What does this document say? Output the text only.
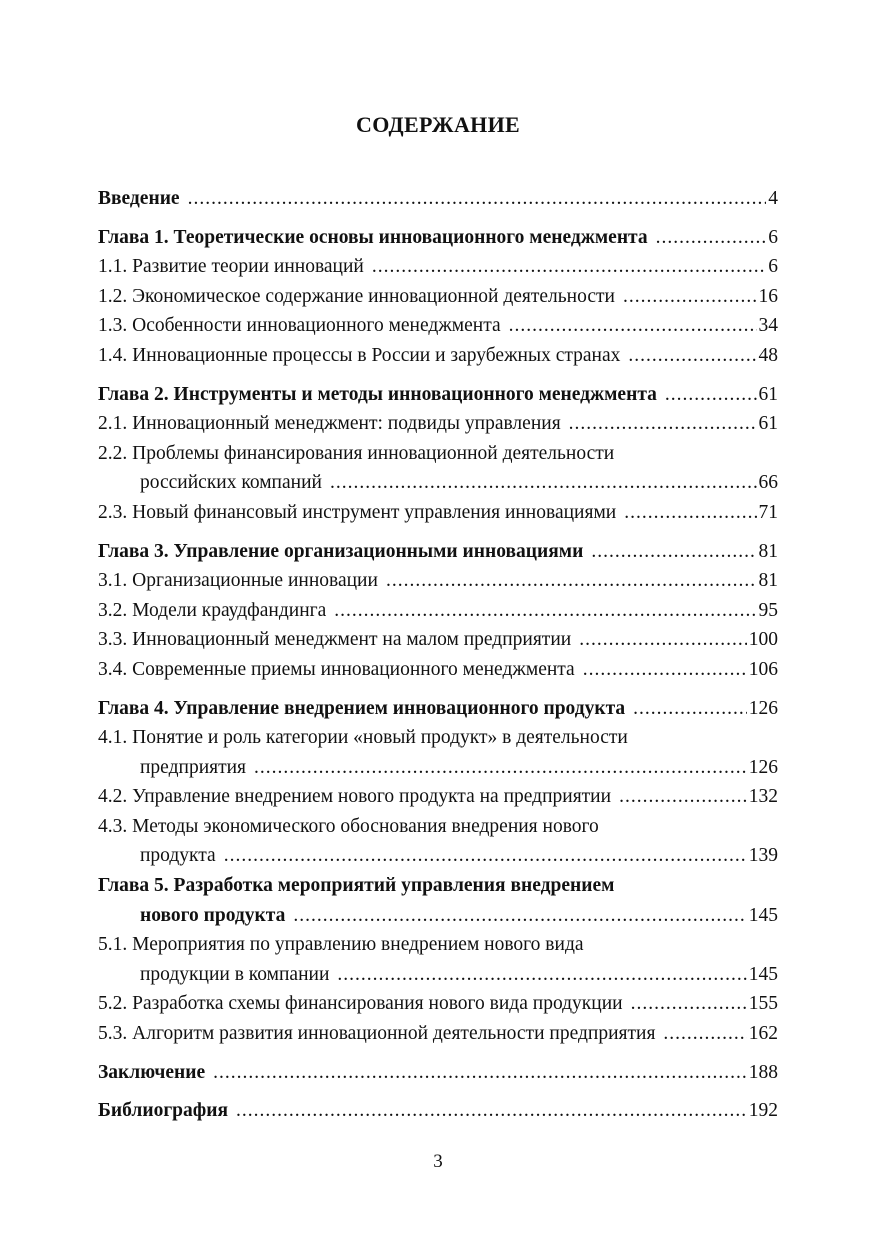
СОДЕРЖАНИЕ
Введение .....	4
Глава 1. Теоретические основы инновационного менеджмента .....	6
1.1. Развитие теории инноваций .....	6
1.2. Экономическое содержание инновационной деятельности .....	16
1.3. Особенности инновационного менеджмента .....	34
1.4. Инновационные процессы в России и зарубежных странах .....	48
Глава 2. Инструменты и методы инновационного менеджмента .....	61
2.1. Инновационный менеджмент: подвиды управления .....	61
2.2. Проблемы финансирования инновационной деятельности
российских компаний .....	66
2.3. Новый финансовый инструмент управления инновациями .....	71
Глава 3. Управление организационными инновациями .....	81
3.1. Организационные инновации .....	81
3.2. Модели краудфандинга .....	95
3.3. Инновационный менеджмент на малом предприятии .....	100
3.4. Современные приемы инновационного менеджмента .....	106
Глава 4. Управление внедрением инновационного продукта .....	126
4.1. Понятие и роль категории «новый продукт» в деятельности
предприятия .....	126
4.2. Управление внедрением нового продукта на предприятии .....	132
4.3. Методы экономического обоснования внедрения нового
продукта .....	139
Глава 5. Разработка мероприятий управления внедрением
нового продукта .....	145
5.1. Мероприятия по управлению внедрением нового вида
продукции в компании .....	145
5.2. Разработка схемы финансирования нового вида продукции .....	155
5.3. Алгоритм развития инновационной деятельности предприятия .....	162
Заключение .....	188
Библиография .....	192
3
